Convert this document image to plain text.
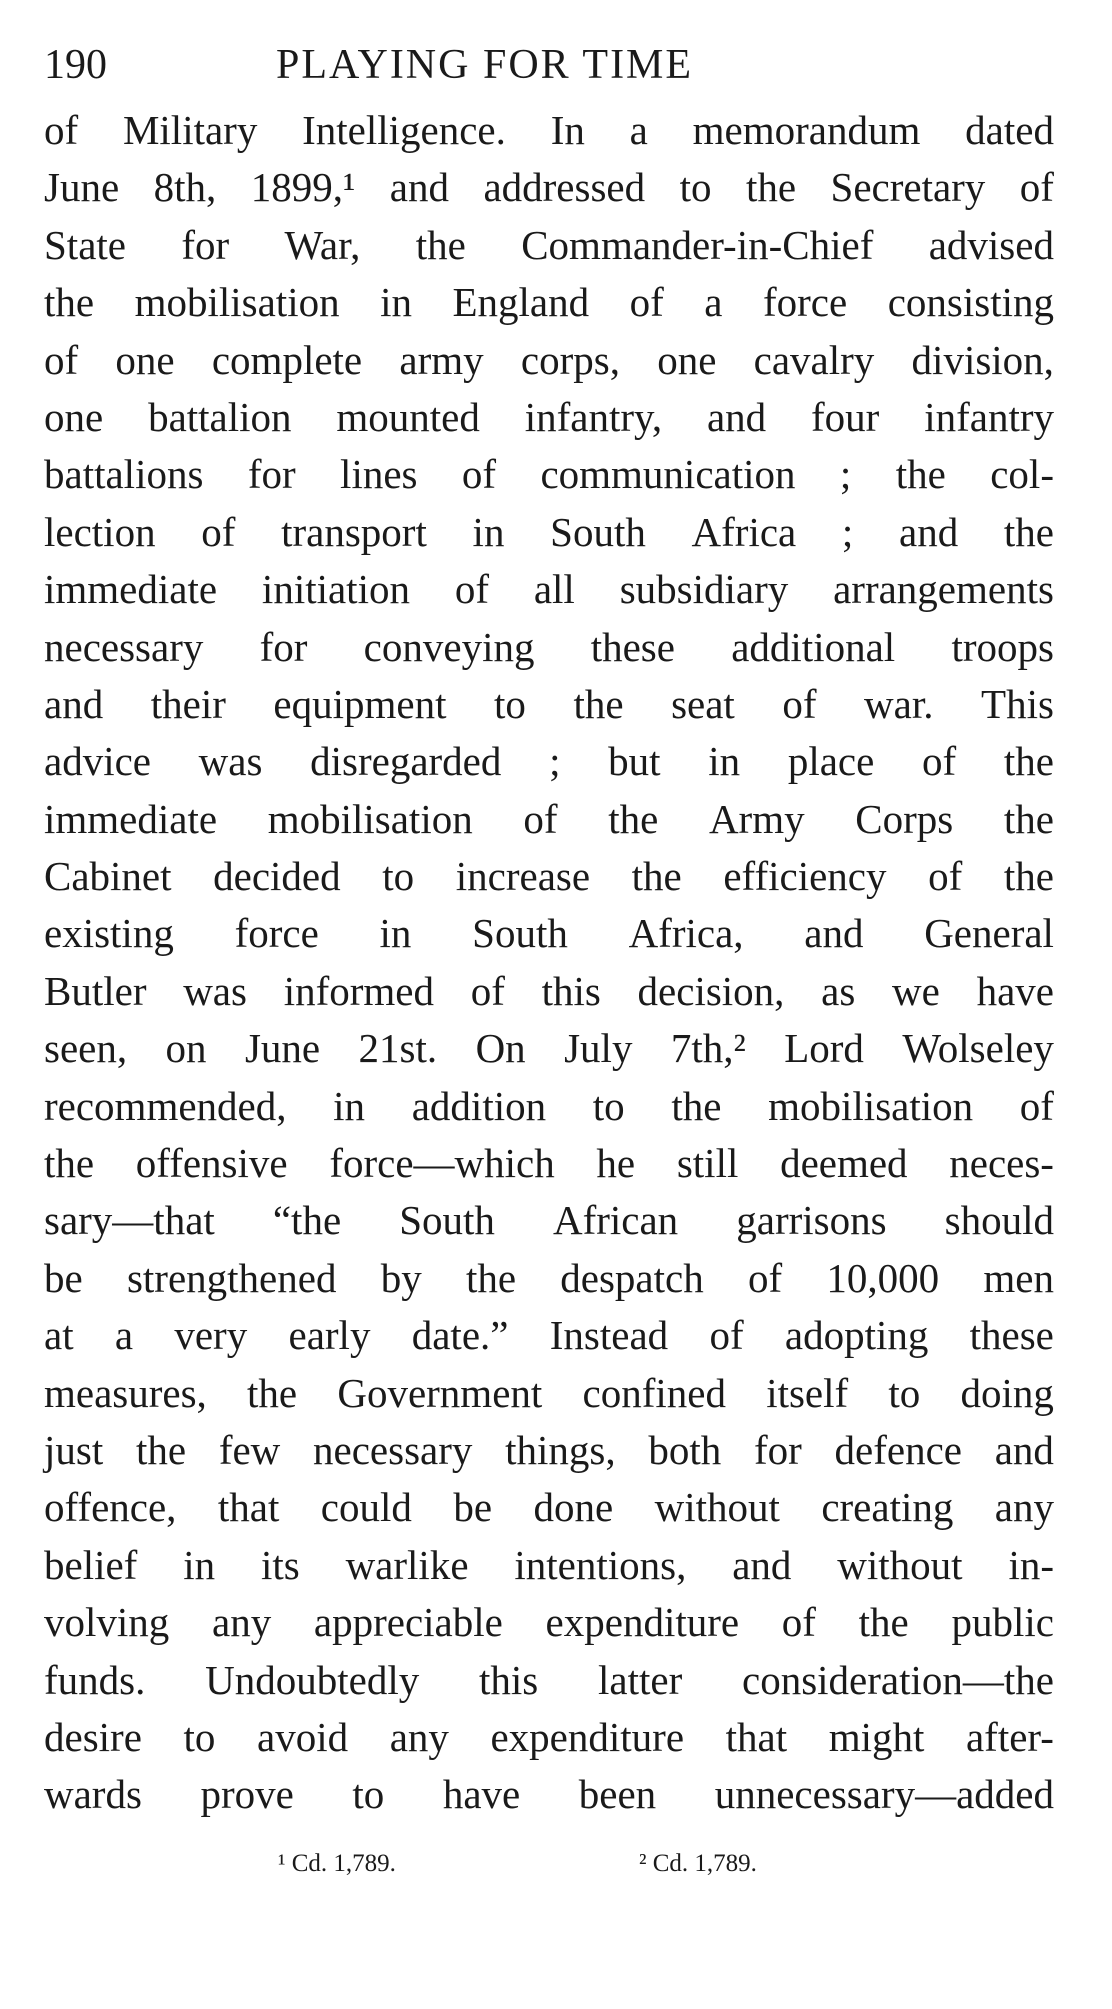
190	PLAYING FOR TIME
of Military Intelligence. In a memorandum dated
June 8th, 1899,¹ and addressed to the Secretary of
State for War, the Commander-in-Chief advised
the mobilisation in England of a force consisting
of one complete army corps, one cavalry division,
one battalion mounted infantry, and four infantry
battalions for lines of communication ; the col-
lection of transport in South Africa ; and the
immediate initiation of all subsidiary arrangements
necessary for conveying these additional troops
and their equipment to the seat of war. This
advice was disregarded ; but in place of the
immediate mobilisation of the Army Corps the
Cabinet decided to increase the efficiency of the
existing force in South Africa, and General
Butler was informed of this decision, as we have
seen, on June 21st. On July 7th,² Lord Wolseley
recommended, in addition to the mobilisation of
the offensive force—which he still deemed neces-
sary—that “the South African garrisons should
be strengthened by the despatch of 10,000 men
at a very early date.” Instead of adopting these
measures, the Government confined itself to doing
just the few necessary things, both for defence and
offence, that could be done without creating any
belief in its warlike intentions, and without in-
volving any appreciable expenditure of the public
funds. Undoubtedly this latter consideration—the
desire to avoid any expenditure that might after-
wards prove to have been unnecessary—added
¹ Cd. 1,789.	² Cd. 1,789.
